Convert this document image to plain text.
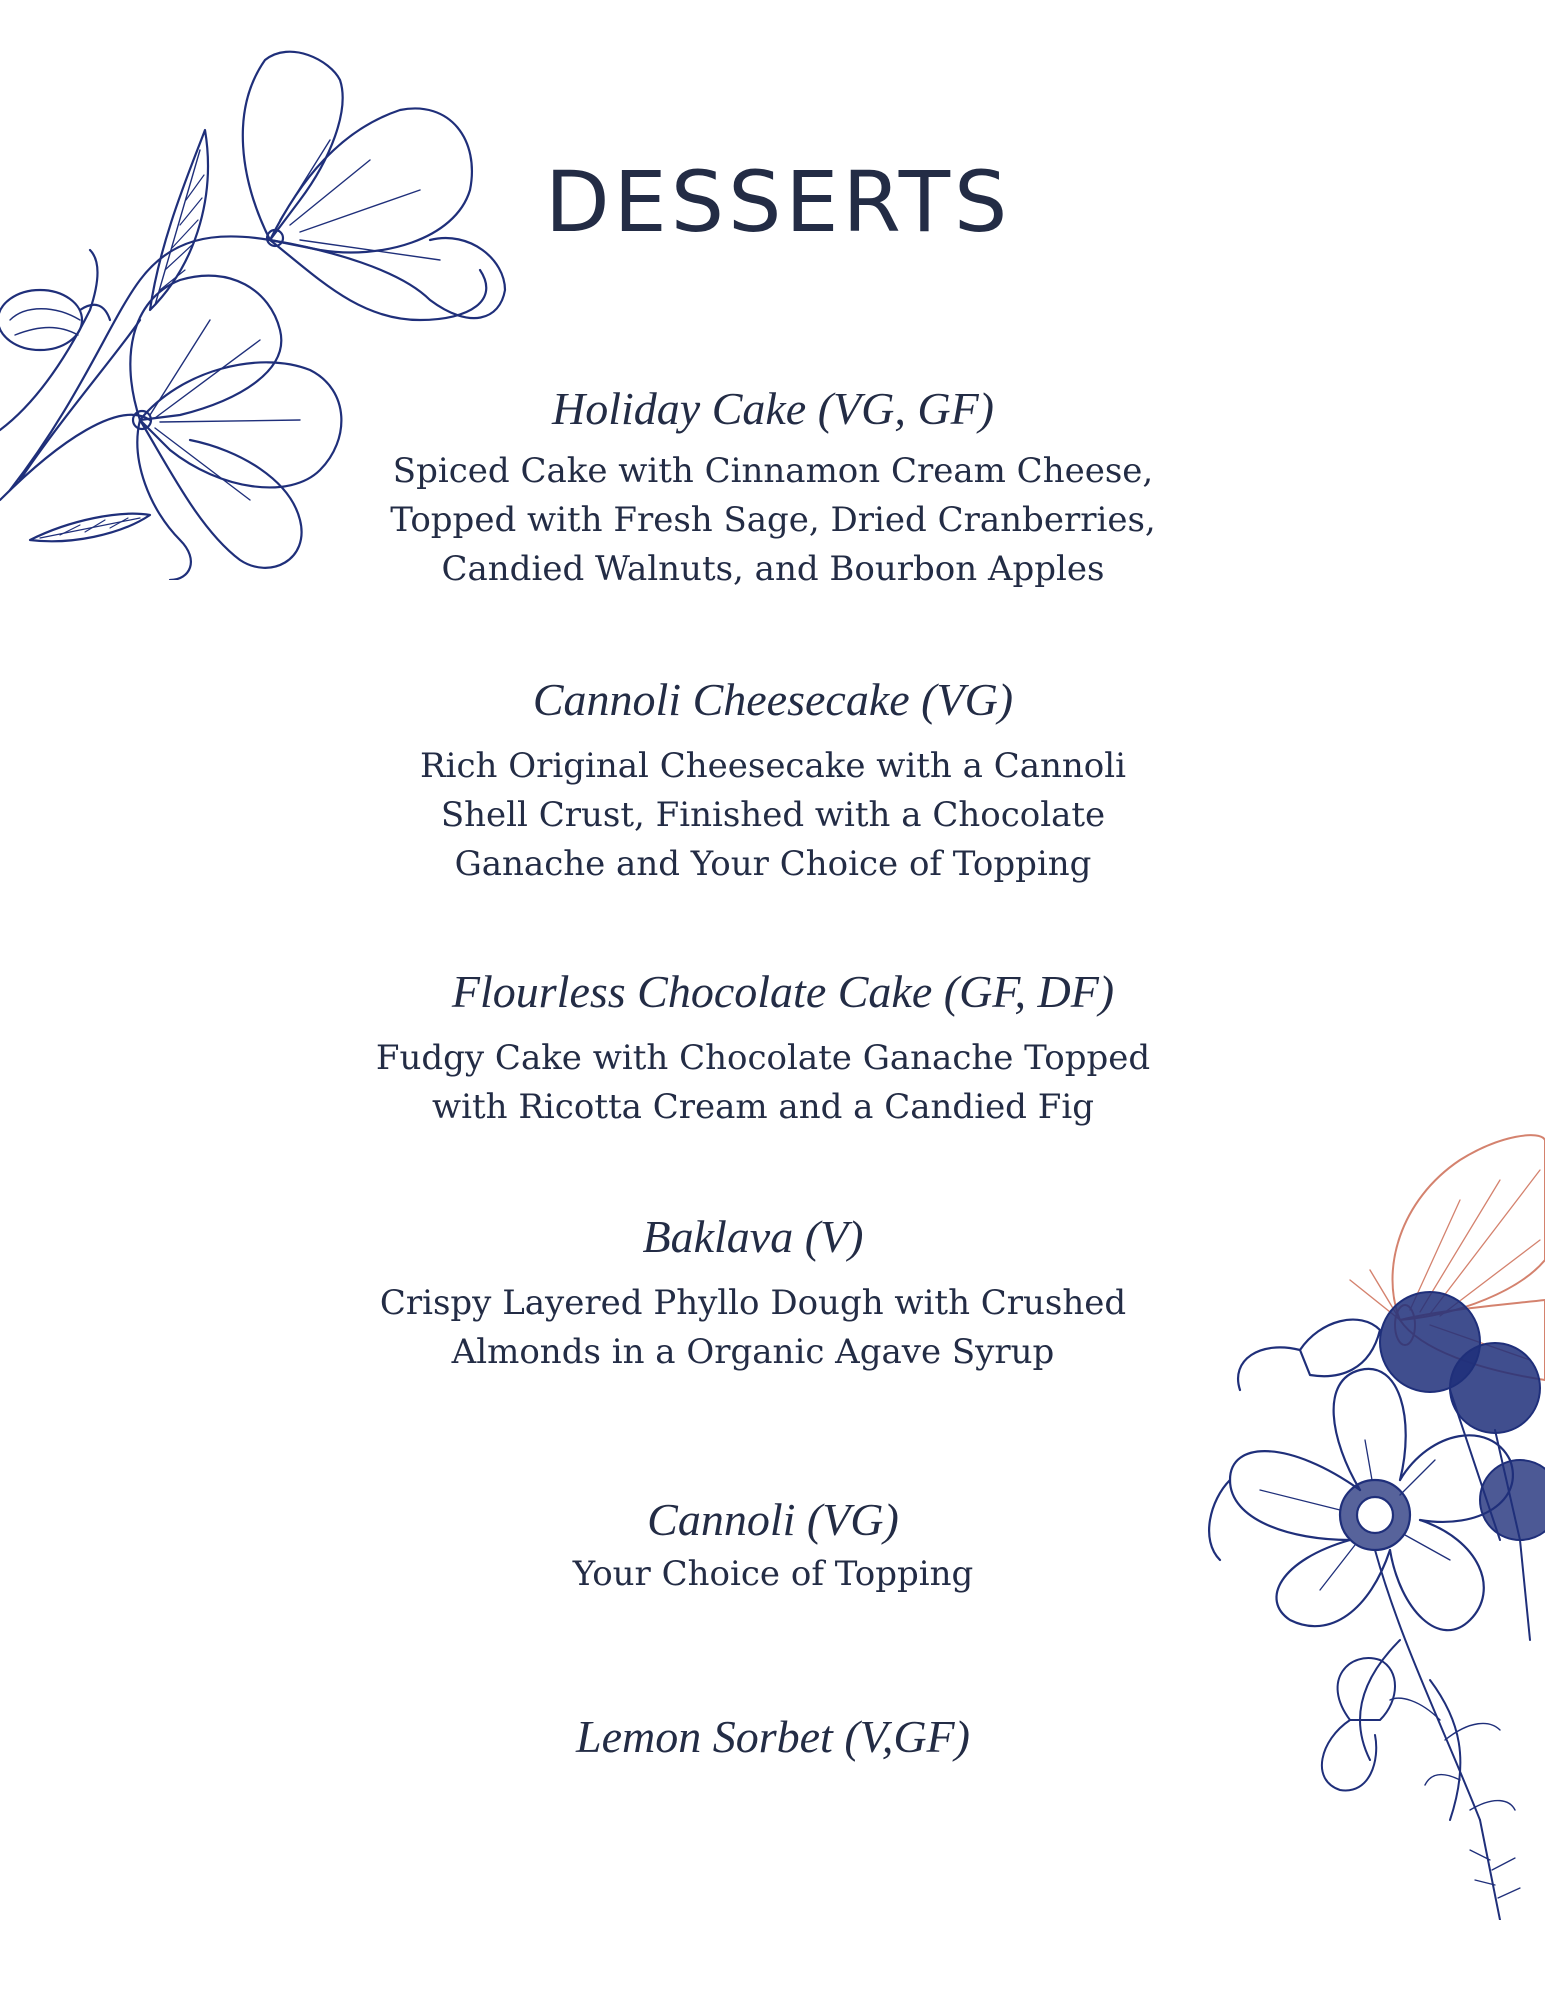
DESSERTS
Holiday Cake (VG, GF)
Spiced Cake with Cinnamon Cream Cheese,
Topped with Fresh Sage, Dried Cranberries,
Candied Walnuts, and Bourbon Apples
Cannoli Cheesecake (VG)
Rich Original Cheesecake with a Cannoli
Shell Crust, Finished with a Chocolate
Ganache and Your Choice of Topping
Flourless Chocolate Cake (GF, DF)
Fudgy Cake with Chocolate Ganache Topped
with Ricotta Cream and a Candied Fig
Baklava (V)
Crispy Layered Phyllo Dough with Crushed
Almonds in a Organic Agave Syrup
Cannoli (VG)
Your Choice of Topping
Lemon Sorbet (V,GF)
